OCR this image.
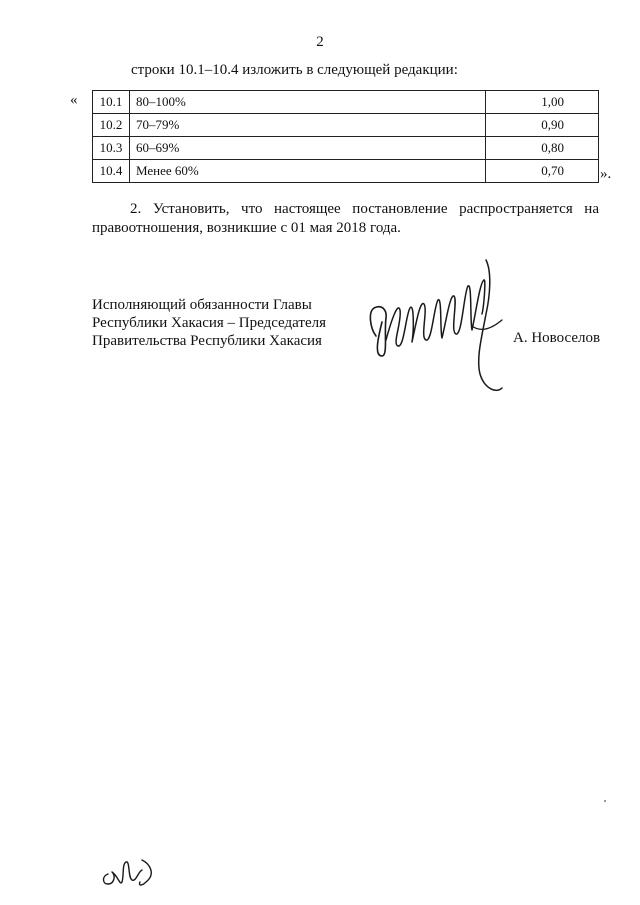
2
строки 10.1–10.4 изложить в следующей редакции:
« 10.1	80–100%	1,00
10.2	70–79%	0,90
10.3	60–69%	0,80
10.4	Менее 60%	0,70 ».
2. Установить, что настоящее постановление распространяется на
правоотношения, возникшие с 01 мая 2018 года.
Исполняющий обязанности Главы
Республики Хакасия – Председателя
Правительства Республики Хакасия	А. Новоселов
